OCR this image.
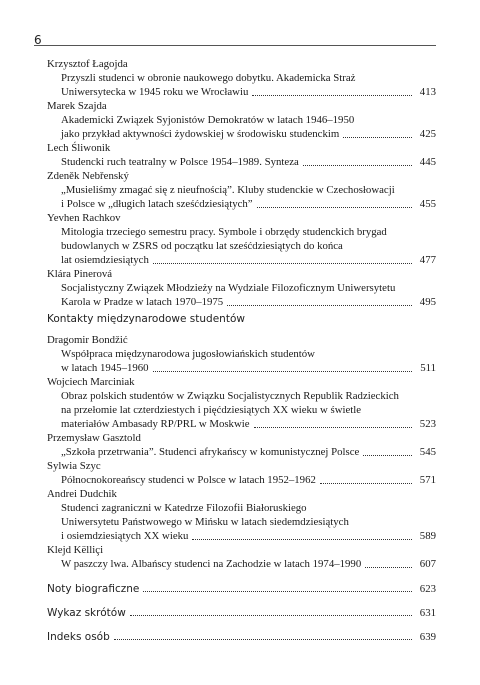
6
Krzysztof Łagojda
Przyszli studenci w obronie naukowego dobytku. Akademicka Straż
Uniwersytecka w 1945 roku we Wrocławiu	413
Marek Szajda
Akademicki Związek Syjonistów Demokratów w latach 1946–1950
jako przykład aktywności żydowskiej w środowisku studenckim	425
Lech Śliwonik
Studencki ruch teatralny w Polsce 1954–1989. Synteza	445
Zdeněk Nebřenský
„Musieliśmy zmagać się z nieufnością”. Kluby studenckie w Czechosłowacji
i Polsce w „długich latach sześćdziesiątych”	455
Yevhen Rachkov
Mitologia trzeciego semestru pracy. Symbole i obrzędy studenckich brygad
budowlanych w ZSRS od początku lat sześćdziesiątych do końca
lat osiemdziesiątych	477
Klára Pinerová
Socjalistyczny Związek Młodzieży na Wydziale Filozoficznym Uniwersytetu
Karola w Pradze w latach 1970–1975	495
Kontakty międzynarodowe studentów
Dragomir Bondžić
Współpraca międzynarodowa jugosłowiańskich studentów
w latach 1945–1960	511
Wojciech Marciniak
Obraz polskich studentów w Związku Socjalistycznych Republik Radzieckich
na przełomie lat czterdziestych i pięćdziesiątych XX wieku w świetle
materiałów Ambasady RP/PRL w Moskwie	523
Przemysław Gasztold
„Szkoła przetrwania”. Studenci afrykańscy w komunistycznej Polsce	545
Sylwia Szyc
Północnokoreańscy studenci w Polsce w latach 1952–1962	571
Andrei Dudchik
Studenci zagraniczni w Katedrze Filozofii Białoruskiego
Uniwersytetu Państwowego w Mińsku w latach siedemdziesiątych
i osiemdziesiątych XX wieku	589
Klejd Këlliçi
W paszczy lwa. Albańscy studenci na Zachodzie w latach 1974–1990	607
Noty biograficzne	623
Wykaz skrótów	631
Indeks osób	639
